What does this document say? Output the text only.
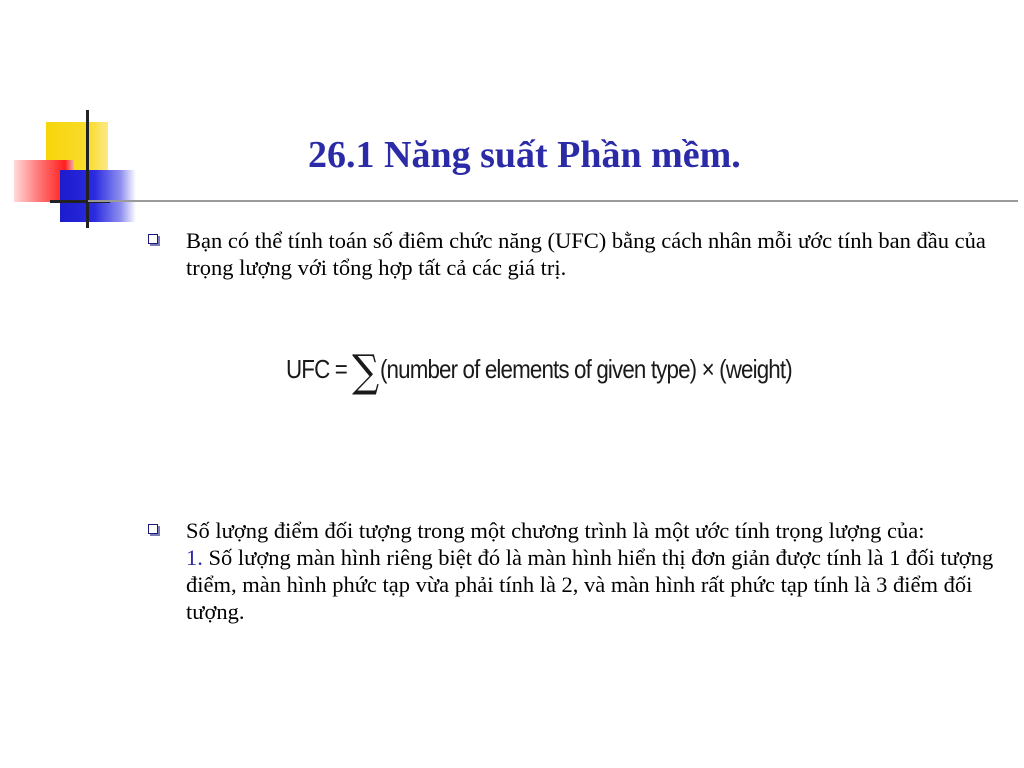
26.1 Năng suất Phần mềm.
Bạn có thể tính toán số điêm chức năng (UFC) bằng cách nhân mỗi ước tính ban đầu của trọng lượng với tổng hợp tất cả các giá trị.
UFC = ∑ (number of elements of given type) × (weight)
Số lượng điểm đối tượng trong một chương trình là một ước tính trọng lượng của:
1. Số lượng màn hình riêng biệt đó là màn hình hiển thị đơn giản được tính là 1 đối tượng điểm, màn hình phức tạp vừa phải tính là 2, và màn hình rất phức tạp tính là 3 điểm đối tượng.
